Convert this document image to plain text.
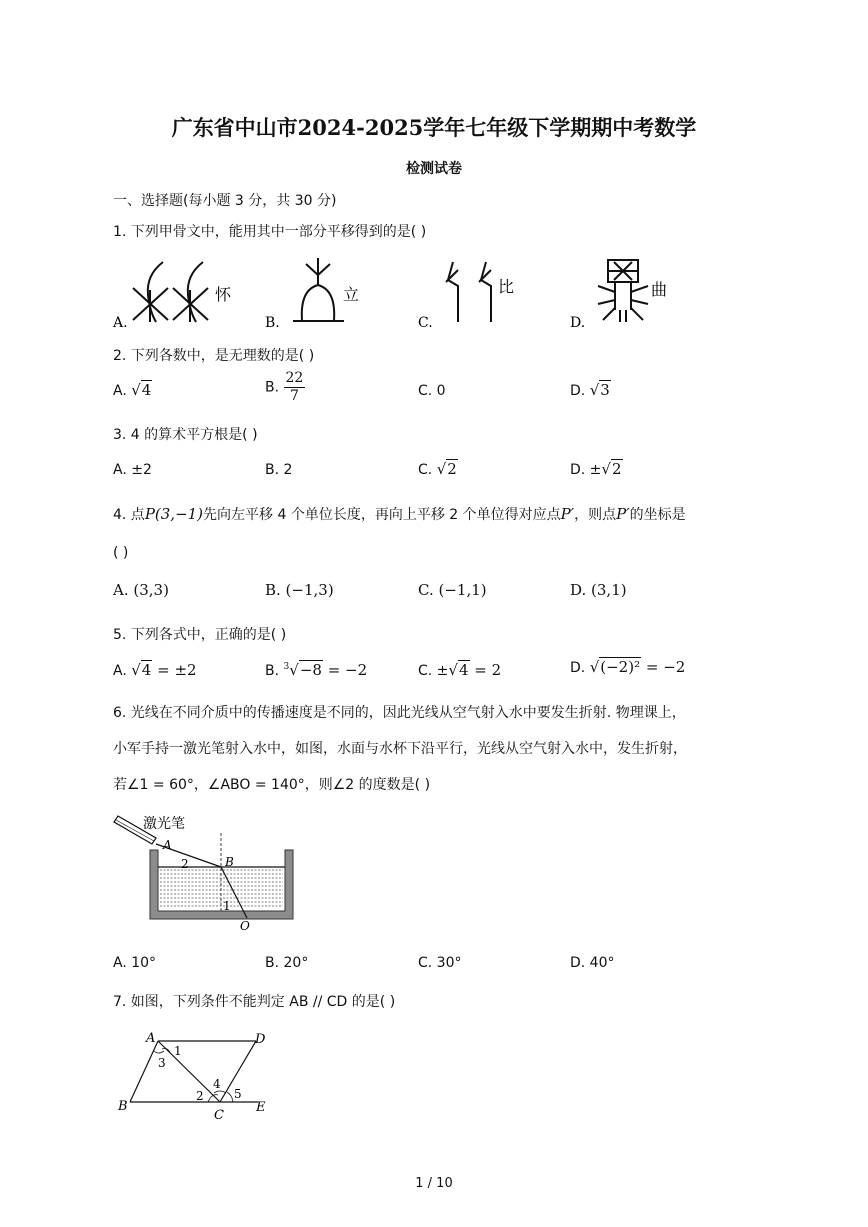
广东省中山市2024-2025学年七年级下学期期中考数学
检测试卷
一、选择题(每小题 3 分，共 30 分)
1. 下列甲骨文中，能用其中一部分平移得到的是( )
A.
怀
B.
立
C.
比
D.
曲
2. 下列各数中，是无理数的是( )
A. √4	B. $\frac{22}{7}$	C. 0	D. √3
3. 4 的算术平方根是( )
A. ±2	B. 2	C. √2	D. ±√2
4. 点P(3,−1)先向左平移 4 个单位长度，再向上平移 2 个单位得对应点P′，则点P′的坐标是
( )
A. (3,3)	B. (−1,3)	C. (−1,1)	D. (3,1)
5. 下列各式中，正确的是( )
A. √4 = ±2	B. $^3$√−8 = −2	C. ±√4 = 2	D. √(−2)² = −2
6. 光线在不同介质中的传播速度是不同的，因此光线从空气射入水中要发生折射. 物理课上，
小军手持一激光笔射入水中，如图，水面与水杯下沿平行，光线从空气射入水中，发生折射，
若∠1 = 60°，∠ABO = 140°，则∠2 的度数是( )
激光笔
A
B
O
2
1
A. 10°	B. 20°	C. 30°	D. 40°
7. 如图，下列条件不能判定 AB // CD 的是( )
A	D
B
C
E
1
3
2
4
5
1 / 10
